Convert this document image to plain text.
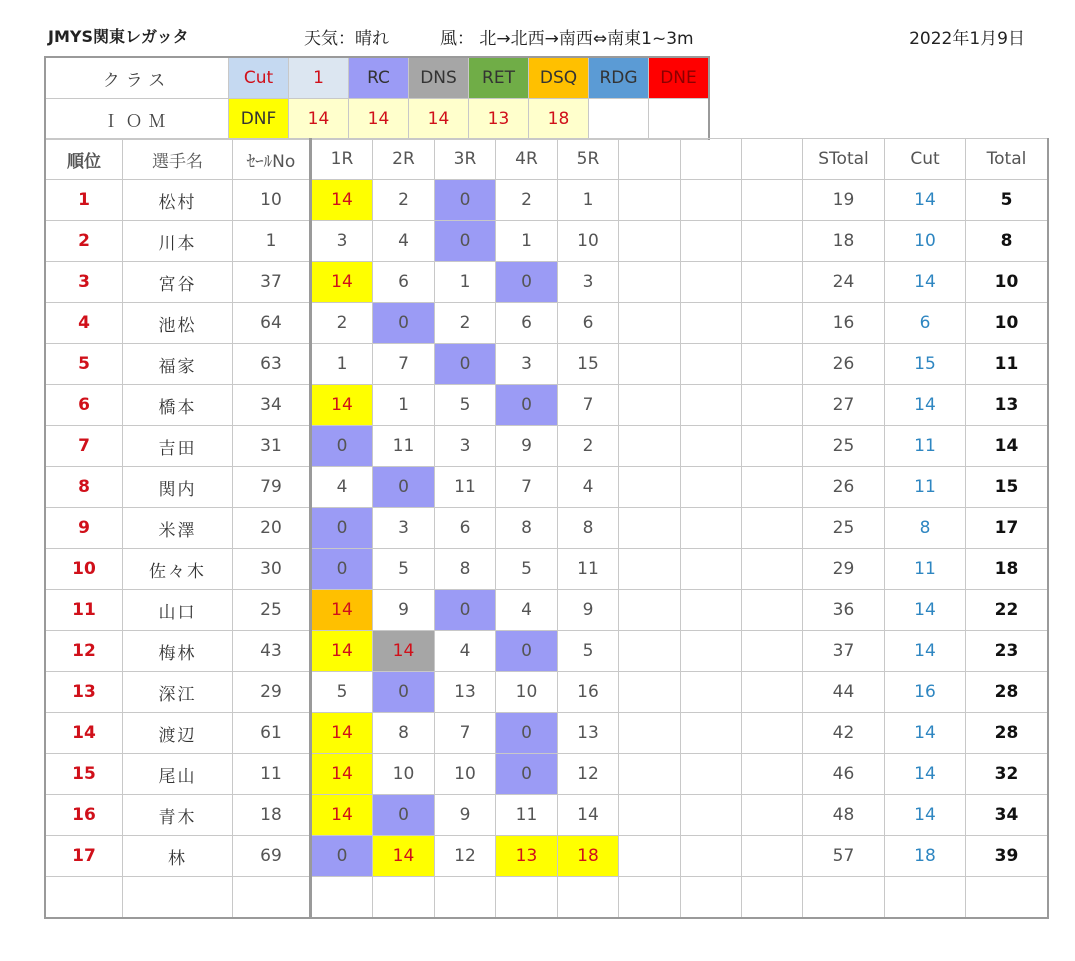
JMYS関東レガッタ	天気：晴れ	風： 北→北西→南西⇔南東1~3m	2022年1月9日
クラス	Cut	1	RC	DNS	RET	DSQ	RDG	DNE
ＩＯＭ	DNF	14	14	14	13	18		
順位	選手名	ｾｰﾙNo	1R	2R	3R	4R	5R				STotal	Cut	Total
1	松村	10	14	2	0	2	1				19	14	5
2	川本	1	3	4	0	1	10				18	10	8
3	宮谷	37	14	6	1	0	3				24	14	10
4	池松	64	2	0	2	6	6				16	6	10
5	福家	63	1	7	0	3	15				26	15	11
6	橋本	34	14	1	5	0	7				27	14	13
7	吉田	31	0	11	3	9	2				25	11	14
8	関内	79	4	0	11	7	4				26	11	15
9	米澤	20	0	3	6	8	8				25	8	17
10	佐々木	30	0	5	8	5	11				29	11	18
11	山口	25	14	9	0	4	9				36	14	22
12	梅林	43	14	14	4	0	5				37	14	23
13	深江	29	5	0	13	10	16				44	16	28
14	渡辺	61	14	8	7	0	13				42	14	28
15	尾山	11	14	10	10	0	12				46	14	32
16	青木	18	14	0	9	11	14				48	14	34
17	林	69	0	14	12	13	18				57	18	39
